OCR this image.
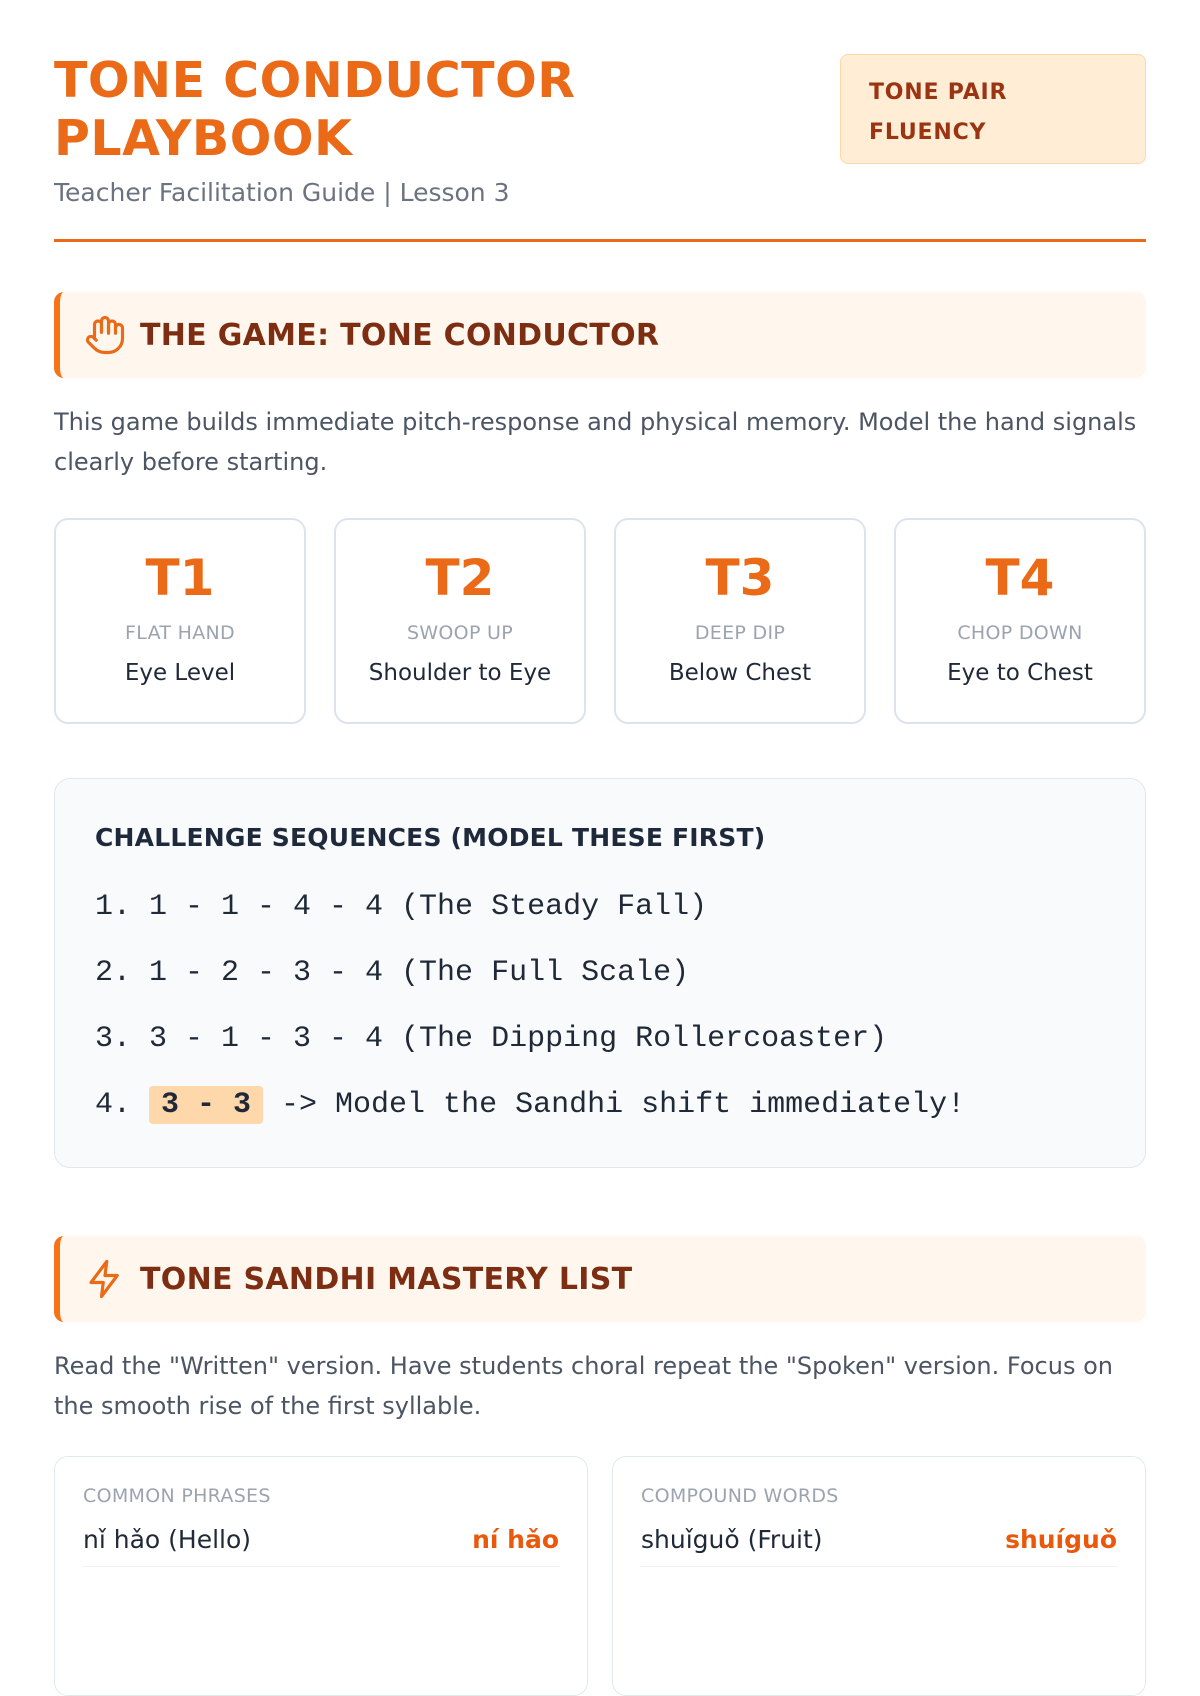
TONE CONDUCTOR
PLAYBOOK
Teacher Facilitation Guide | Lesson 3
TONE PAIR
FLUENCY
THE GAME: TONE CONDUCTOR
This game builds immediate pitch-response and physical memory. Model the hand signals clearly before starting.
T1
FLAT HAND
Eye Level
T2
SWOOP UP
Shoulder to Eye
T3
DEEP DIP
Below Chest
T4
CHOP DOWN
Eye to Chest
CHALLENGE SEQUENCES (MODEL THESE FIRST)
1. 1 - 1 - 4 - 4 (The Steady Fall)
2. 1 - 2 - 3 - 4 (The Full Scale)
3. 3 - 1 - 3 - 4 (The Dipping Rollercoaster)
4. 3 - 3 -> Model the Sandhi shift immediately!
TONE SANDHI MASTERY LIST
Read the "Written" version. Have students choral repeat the "Spoken" version. Focus on the smooth rise of the first syllable.
COMMON PHRASES
nǐ hǎo (Hello)	ní hǎo
COMPOUND WORDS
shuǐguǒ (Fruit)	shuíguǒ
